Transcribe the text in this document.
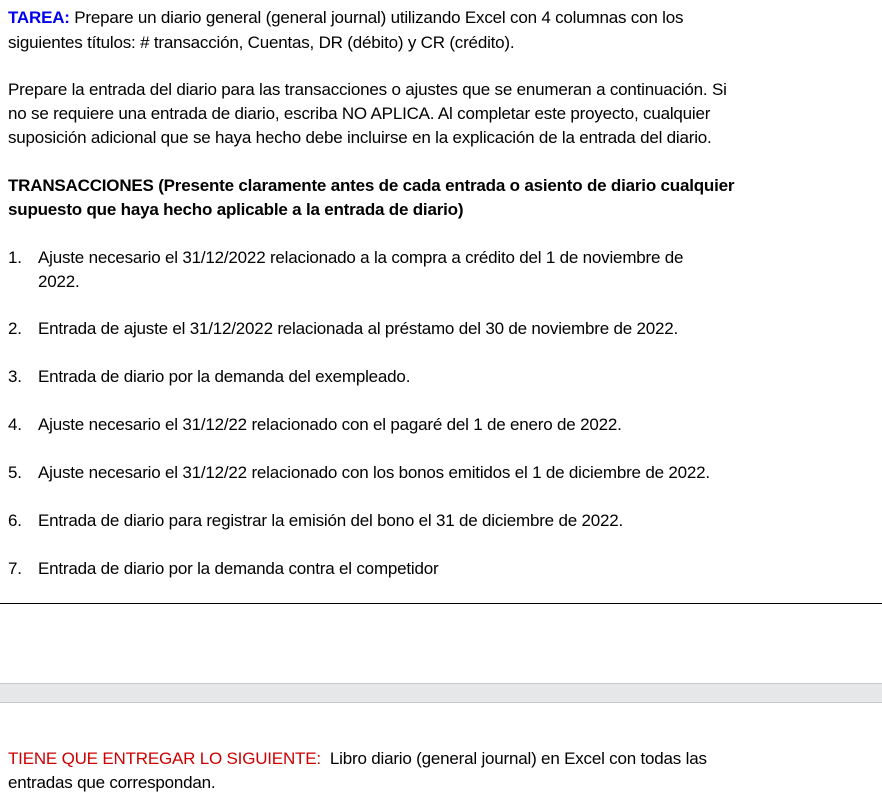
TAREA: Prepare un diario general (general journal) utilizando Excel con 4 columnas con los
siguientes títulos: # transacción, Cuentas, DR (débito) y CR (crédito).
Prepare la entrada del diario para las transacciones o ajustes que se enumeran a continuación. Si
no se requiere una entrada de diario, escriba NO APLICA. Al completar este proyecto, cualquier
suposición adicional que se haya hecho debe incluirse en la explicación de la entrada del diario.
TRANSACCIONES (Presente claramente antes de cada entrada o asiento de diario cualquier
supuesto que haya hecho aplicable a la entrada de diario)
1. Ajuste necesario el 31/12/2022 relacionado a la compra a crédito del 1 de noviembre de
2022.
2. Entrada de ajuste el 31/12/2022 relacionada al préstamo del 30 de noviembre de 2022.
3. Entrada de diario por la demanda del exempleado.
4. Ajuste necesario el 31/12/22 relacionado con el pagaré del 1 de enero de 2022.
5. Ajuste necesario el 31/12/22 relacionado con los bonos emitidos el 1 de diciembre de 2022.
6. Entrada de diario para registrar la emisión del bono el 31 de diciembre de 2022.
7. Entrada de diario por la demanda contra el competidor
TIENE QUE ENTREGAR LO SIGUIENTE:  Libro diario (general journal) en Excel con todas las
entradas que correspondan.
